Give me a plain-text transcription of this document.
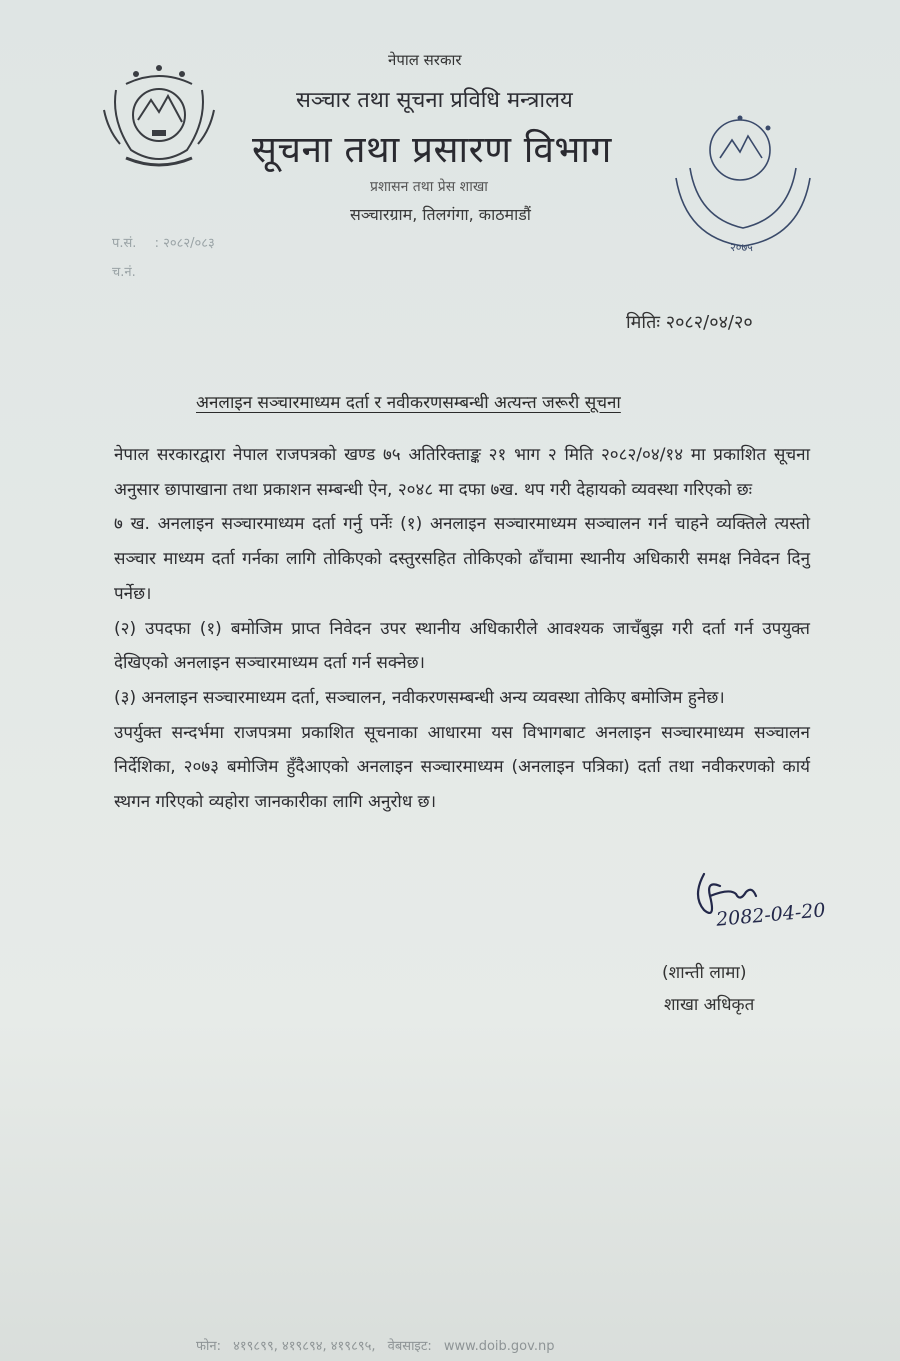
नेपाल सरकार
सञ्चार तथा सूचना प्रविधि मन्त्रालय
सूचना तथा प्रसारण विभाग
प्रशासन तथा प्रेस शाखा
सञ्चारग्राम, तिलगंगा, काठमाडौं
२०७५
प.सं. : २०८२/०८३
च.नं.
मितिः २०८२/०४/२०
अनलाइन सञ्चारमाध्यम दर्ता र नवीकरणसम्बन्धी अत्यन्त जरूरी सूचना

नेपाल सरकारद्वारा नेपाल राजपत्रको खण्ड ७५ अतिरिक्ताङ्क २१ भाग २ मिति २०८२/०४/१४ मा प्रकाशित सूचना अनुसार छापाखाना तथा प्रकाशन सम्बन्धी ऐन, २०४८ मा दफा ७ख. थप गरी देहायको व्यवस्था गरिएको छः

७ ख. अनलाइन सञ्चारमाध्यम दर्ता गर्नु पर्नेः (१) अनलाइन सञ्चारमाध्यम सञ्चालन गर्न चाहने व्यक्तिले त्यस्तो सञ्चार माध्यम दर्ता गर्नका लागि तोकिएको दस्तुरसहित तोकिएको ढाँचामा स्थानीय अधिकारी समक्ष निवेदन दिनु पर्नेछ।

(२) उपदफा (१) बमोजिम प्राप्त निवेदन उपर स्थानीय अधिकारीले आवश्यक जाचँबुझ गरी दर्ता गर्न उपयुक्त देखिएको अनलाइन सञ्चारमाध्यम दर्ता गर्न सक्नेछ।

(३) अनलाइन सञ्चारमाध्यम दर्ता, सञ्चालन, नवीकरणसम्बन्धी अन्य व्यवस्था तोकिए बमोजिम हुनेछ।

उपर्युक्त सन्दर्भमा राजपत्रमा प्रकाशित सूचनाका आधारमा यस विभागबाट अनलाइन सञ्चारमाध्यम सञ्चालन निर्देशिका, २०७३ बमोजिम हुँदैआएको अनलाइन सञ्चारमाध्यम (अनलाइन पत्रिका) दर्ता तथा नवीकरणको कार्य स्थगन गरिएको व्यहोरा जानकारीका लागि अनुरोध छ।

2082-04-20
(शान्ती लामा)
शाखा अधिकृत
फोन: ४१९८९९, ४१९८९४, ४१९८९५, वेबसाइट: www.doib.gov.np
